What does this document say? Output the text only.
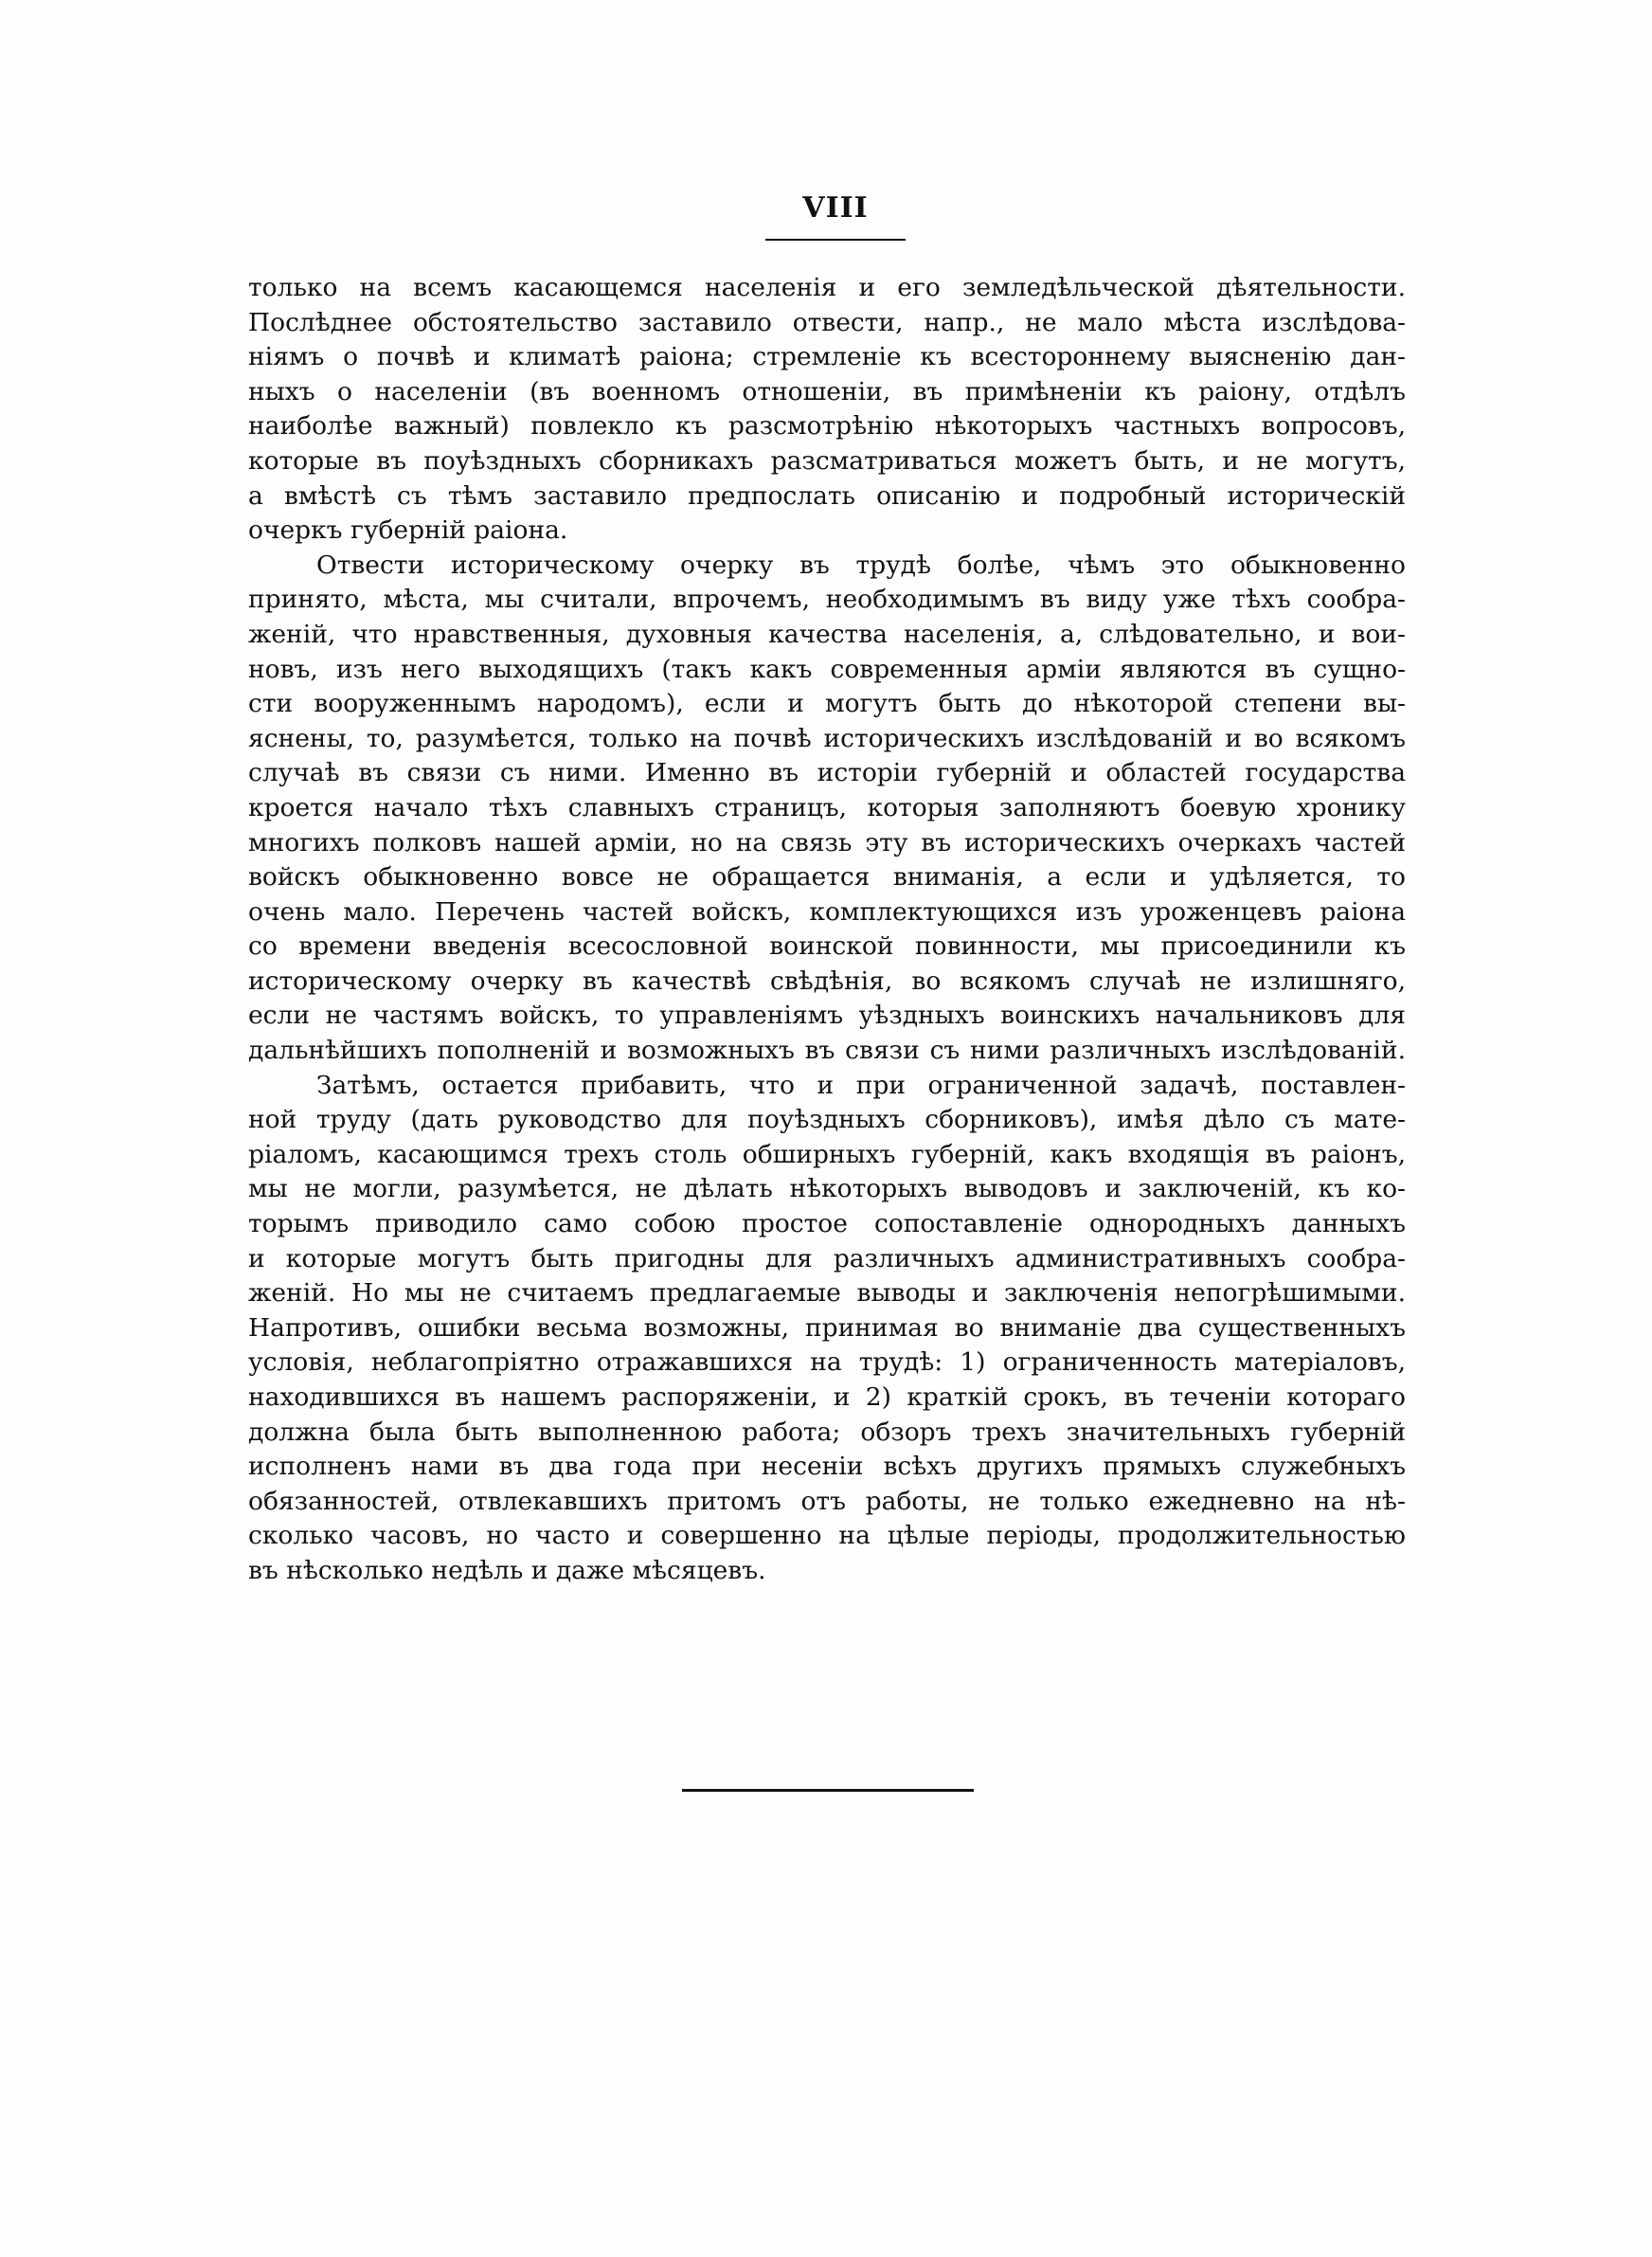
VIII
только на всемъ касающемся населенія и его земледѣльческой дѣятельности.
Послѣднее обстоятельство заставило отвести, напр., не мало мѣста изслѣдова-
ніямъ о почвѣ и климатѣ раіона; стремленіе къ всестороннему выясненію дан-
ныхъ о населеніи (въ военномъ отношеніи, въ примѣненіи къ раіону, отдѣлъ
наиболѣе важный) повлекло къ разсмотрѣнію нѣкоторыхъ частныхъ вопросовъ,
которые въ поуѣздныхъ сборникахъ разсматриваться можетъ быть, и не могутъ,
а вмѣстѣ съ тѣмъ заставило предпослать описанію и подробный историческій
очеркъ губерній раіона.
Отвести историческому очерку въ трудѣ болѣе, чѣмъ это обыкновенно
принято, мѣста, мы считали, впрочемъ, необходимымъ въ виду уже тѣхъ сообра-
женій, что нравственныя, духовныя качества населенія, а, слѣдовательно, и вои-
новъ, изъ него выходящихъ (такъ какъ современныя арміи являются въ сущно-
сти вооруженнымъ народомъ), если и могутъ быть до нѣкоторой степени вы-
яснены, то, разумѣется, только на почвѣ историческихъ изслѣдованій и во всякомъ
случаѣ въ связи съ ними. Именно въ исторіи губерній и областей государства
кроется начало тѣхъ славныхъ страницъ, которыя заполняютъ боевую хронику
многихъ полковъ нашей арміи, но на связь эту въ историческихъ очеркахъ частей
войскъ обыкновенно вовсе не обращается вниманія, а если и удѣляется, то
очень мало. Перечень частей войскъ, комплектующихся изъ уроженцевъ раіона
со времени введенія всесословной воинской повинности, мы присоединили къ
историческому очерку въ качествѣ свѣдѣнія, во всякомъ случаѣ не излишняго,
если не частямъ войскъ, то управленіямъ уѣздныхъ воинскихъ начальниковъ для
дальнѣйшихъ пополненій и возможныхъ въ связи съ ними различныхъ изслѣдованій.
Затѣмъ, остается прибавить, что и при ограниченной задачѣ, поставлен-
ной труду (дать руководство для поуѣздныхъ сборниковъ), имѣя дѣло съ мате-
ріаломъ, касающимся трехъ столь обширныхъ губерній, какъ входящія въ раіонъ,
мы не могли, разумѣется, не дѣлать нѣкоторыхъ выводовъ и заключеній, къ ко-
торымъ приводило само собою простое сопоставленіе однородныхъ данныхъ
и которые могутъ быть пригодны для различныхъ административныхъ сообра-
женій. Но мы не считаемъ предлагаемые выводы и заключенія непогрѣшимыми.
Напротивъ, ошибки весьма возможны, принимая во вниманіе два существенныхъ
условія, неблагопріятно отражавшихся на трудѣ: 1) ограниченность матеріаловъ,
находившихся въ нашемъ распоряженіи, и 2) краткій срокъ, въ теченіи котораго
должна была быть выполненною работа; обзоръ трехъ значительныхъ губерній
исполненъ нами въ два года при несеніи всѣхъ другихъ прямыхъ служебныхъ
обязанностей, отвлекавшихъ притомъ отъ работы, не только ежедневно на нѣ-
сколько часовъ, но часто и совершенно на цѣлые періоды, продолжительностью
въ нѣсколько недѣль и даже мѣсяцевъ.
